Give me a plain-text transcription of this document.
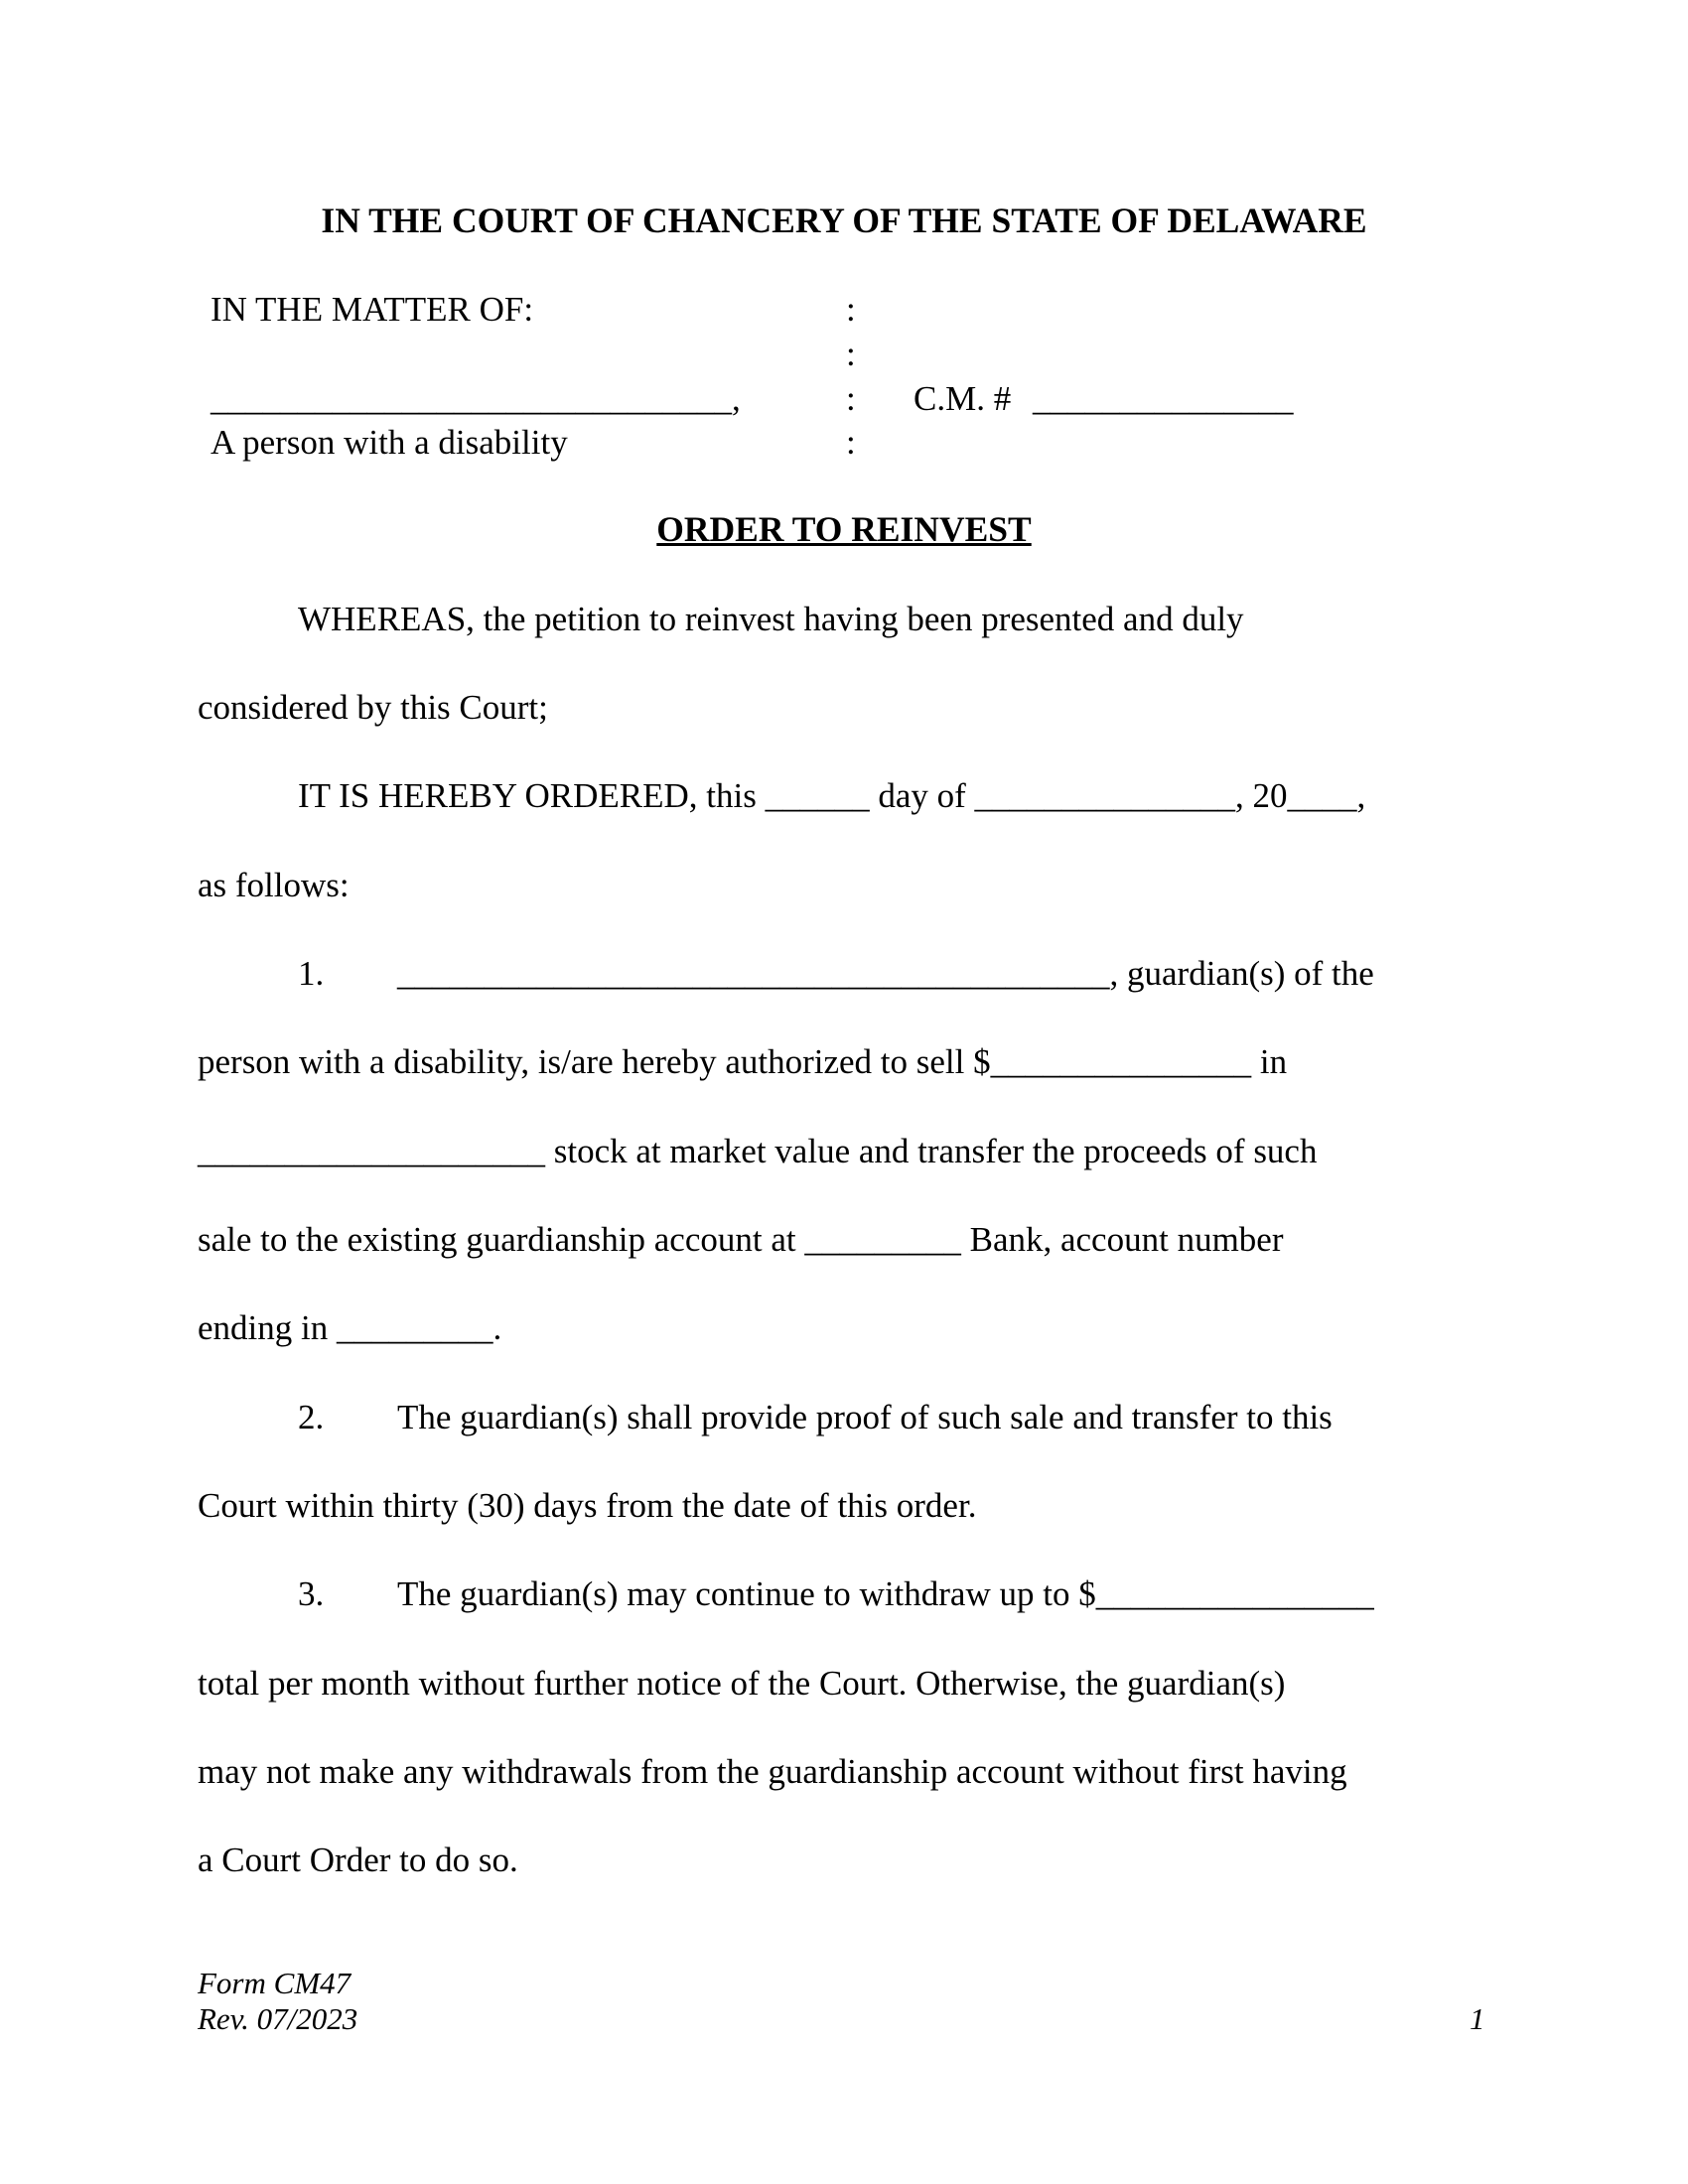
IN THE COURT OF CHANCERY OF THE STATE OF DELAWARE
IN THE MATTER OF:
______________________________,
A person with a disability
:
:
:
:
C.M. # _______________
ORDER TO REINVEST
WHEREAS, the petition to reinvest having been presented and duly
considered by this Court;
IT IS HEREBY ORDERED, this ______ day of _______________, 20____,
as follows:
1. _________________________________________, guardian(s) of the
person with a disability, is/are hereby authorized to sell $_______________ in
____________________ stock at market value and transfer the proceeds of such
sale to the existing guardianship account at _________ Bank, account number
ending in _________.
2. The guardian(s) shall provide proof of such sale and transfer to this
Court within thirty (30) days from the date of this order.
3. The guardian(s) may continue to withdraw up to $________________
total per month without further notice of the Court. Otherwise, the guardian(s)
may not make any withdrawals from the guardianship account without first having
a Court Order to do so.
Form CM47
Rev. 07/2023	1
